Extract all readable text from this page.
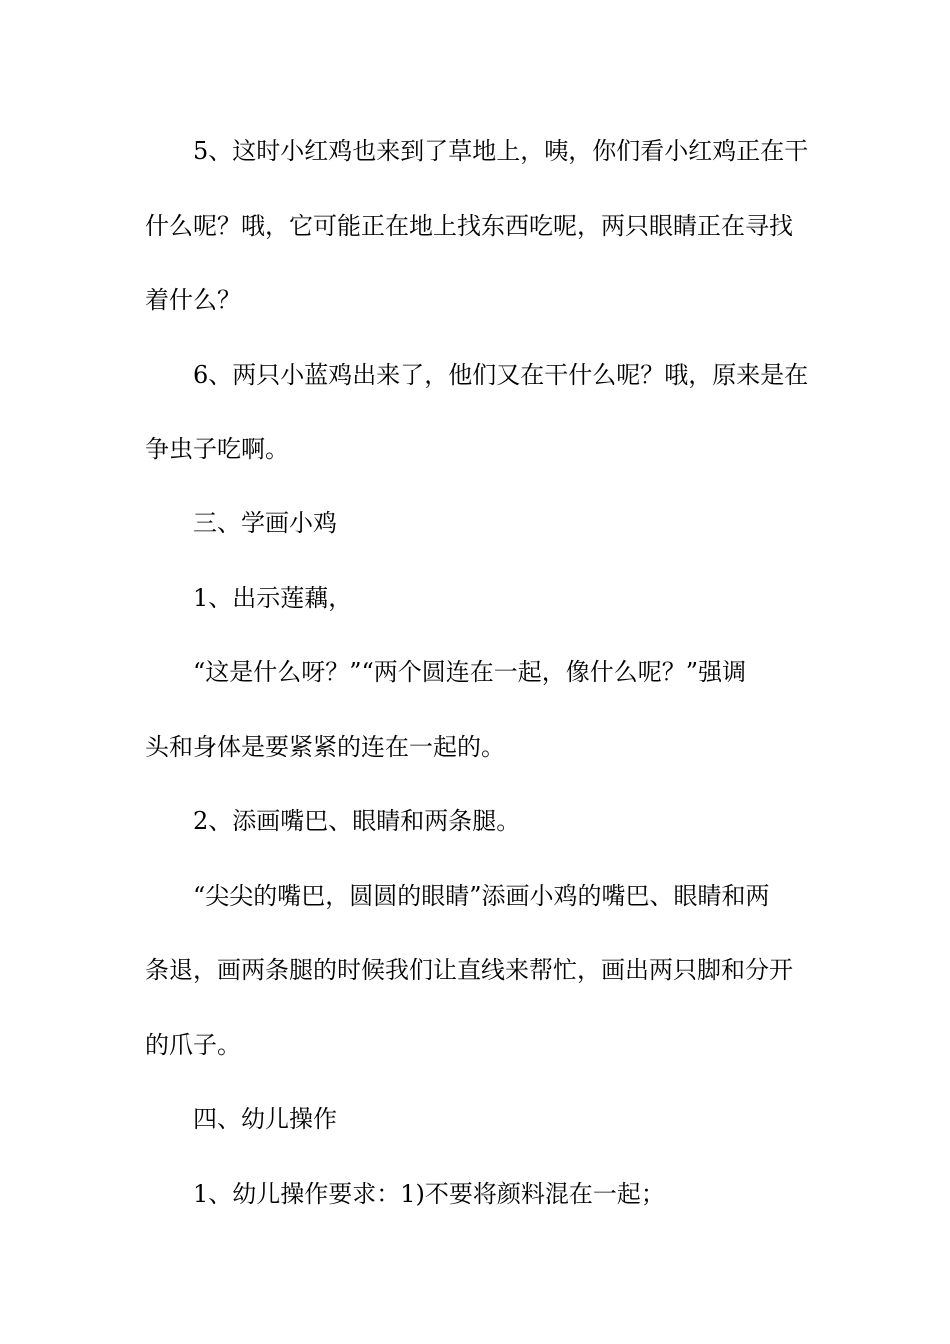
5、这时小红鸡也来到了草地上，咦，你们看小红鸡正在干
什么呢？哦，它可能正在地上找东西吃呢，两只眼睛正在寻找
着什么？
6、两只小蓝鸡出来了，他们又在干什么呢？哦，原来是在
争虫子吃啊。
三、学画小鸡
1、出示莲藕，
“这是什么呀？”“两个圆连在一起，像什么呢？”强调
头和身体是要紧紧的连在一起的。
2、添画嘴巴、眼睛和两条腿。
“尖尖的嘴巴，圆圆的眼睛”添画小鸡的嘴巴、眼睛和两
条退，画两条腿的时候我们让直线来帮忙，画出两只脚和分开
的爪子。
四、幼儿操作
1、幼儿操作要求：1)不要将颜料混在一起；
